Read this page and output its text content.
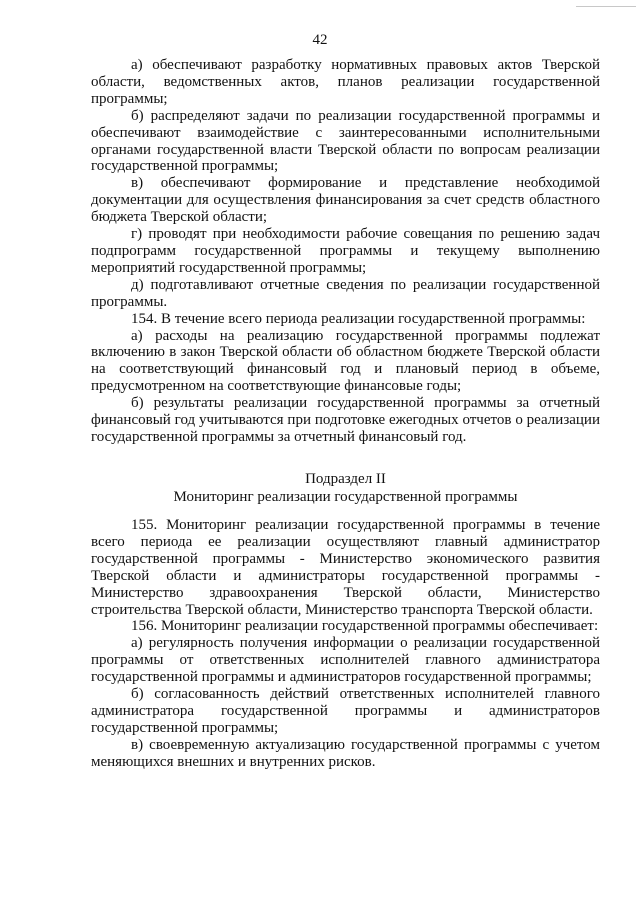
42

а) обеспечивают разработку нормативных правовых актов Тверской области, ведомственных актов, планов реализации государственной программы;

б) распределяют задачи по реализации государственной программы и обеспечивают взаимодействие с заинтересованными исполнительными органами государственной власти Тверской области по вопросам реализации государственной программы;

в) обеспечивают формирование и представление необходимой документации для осуществления финансирования за счет средств областного бюджета Тверской области;

г) проводят при необходимости рабочие совещания по решению задач подпрограмм государственной программы и текущему выполнению мероприятий государственной программы;

д) подготавливают отчетные сведения по реализации государственной программы.

154. В течение всего периода реализации государственной программы:

а) расходы на реализацию государственной программы подлежат включению в закон Тверской области об областном бюджете Тверской области на соответствующий финансовый год и плановый период в объеме, предусмотренном на соответствующие финансовые годы;

б) результаты реализации государственной программы за отчетный финансовый год учитываются при подготовке ежегодных отчетов о реализации государственной программы за отчетный финансовый год.

Подраздел II
Мониторинг реализации государственной программы

155. Мониторинг реализации государственной программы в течение всего периода ее реализации осуществляют главный администратор государственной программы - Министерство экономического развития Тверской области и администраторы государственной программы - Министерство здравоохранения Тверской области, Министерство строительства Тверской области, Министерство транспорта Тверской области.

156. Мониторинг реализации государственной программы обеспечивает:

а) регулярность получения информации о реализации государственной программы от ответственных исполнителей главного администратора государственной программы и администраторов государственной программы;

б) согласованность действий ответственных исполнителей главного администратора государственной программы и администраторов государственной программы;

в) своевременную актуализацию государственной программы с учетом меняющихся внешних и внутренних рисков.
